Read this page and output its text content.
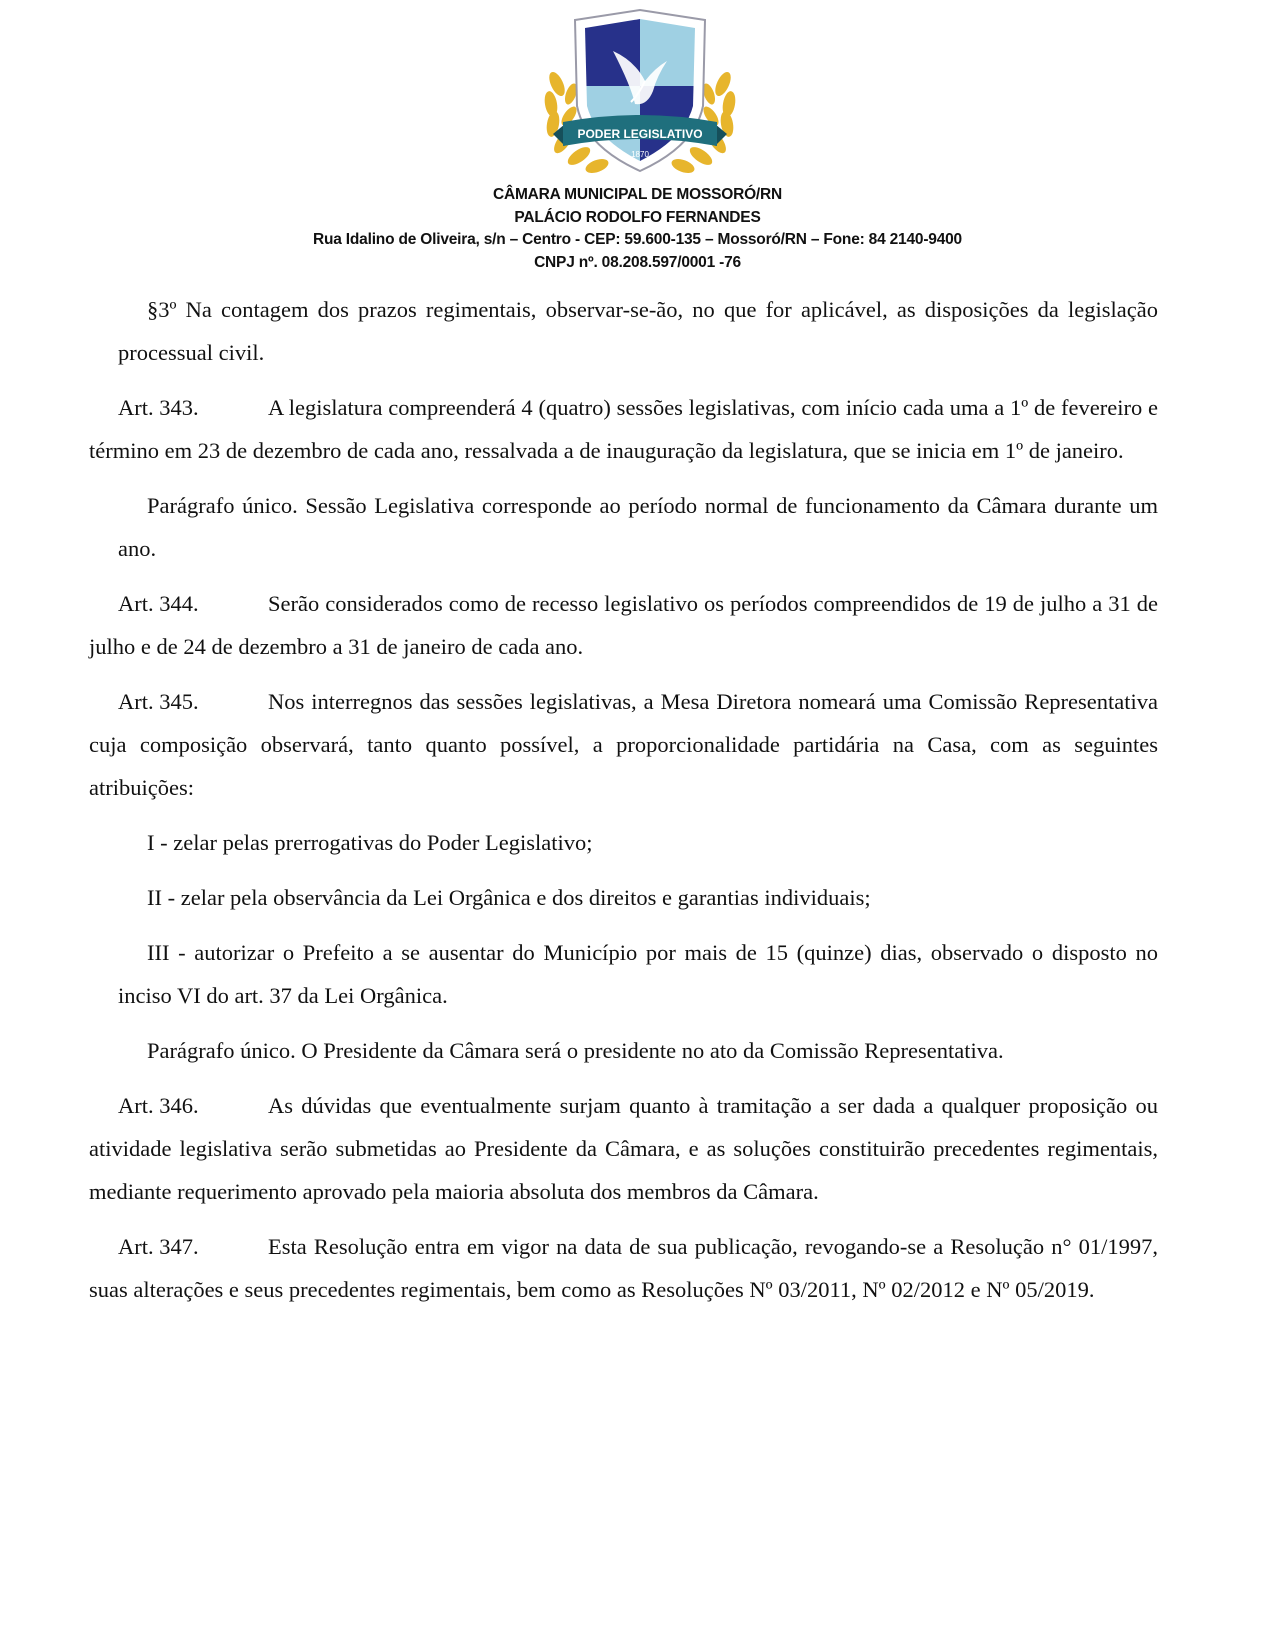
PODER LEGISLATIVO
1870
CÂMARA MUNICIPAL DE MOSSORÓ/RN
PALÁCIO RODOLFO FERNANDES
Rua Idalino de Oliveira, s/n – Centro - CEP: 59.600-135 – Mossoró/RN – Fone: 84 2140-9400
CNPJ nº. 08.208.597/0001 -76

§3º Na contagem dos prazos regimentais, observar-se-ão, no que for aplicável, as disposições da legislação processual civil.

Art. 343.	A legislatura compreenderá 4 (quatro) sessões legislativas, com início cada uma a 1º de fevereiro e término em 23 de dezembro de cada ano, ressalvada a de inauguração da legislatura, que se inicia em 1º de janeiro.

Parágrafo único. Sessão Legislativa corresponde ao período normal de funcionamento da Câmara durante um ano.

Art. 344.	Serão considerados como de recesso legislativo os períodos compreendidos de 19 de julho a 31 de julho e de 24 de dezembro a 31 de janeiro de cada ano.

Art. 345.	Nos interregnos das sessões legislativas, a Mesa Diretora nomeará uma Comissão Representativa cuja composição observará, tanto quanto possível, a proporcionalidade partidária na Casa, com as seguintes atribuições:

I - zelar pelas prerrogativas do Poder Legislativo;

II - zelar pela observância da Lei Orgânica e dos direitos e garantias individuais;

III - autorizar o Prefeito a se ausentar do Município por mais de 15 (quinze) dias, observado o disposto no inciso VI do art. 37 da Lei Orgânica.

Parágrafo único. O Presidente da Câmara será o presidente no ato da Comissão Representativa.

Art. 346.	As dúvidas que eventualmente surjam quanto à tramitação a ser dada a qualquer proposição ou atividade legislativa serão submetidas ao Presidente da Câmara, e as soluções constituirão precedentes regimentais, mediante requerimento aprovado pela maioria absoluta dos membros da Câmara.

Art. 347.	Esta Resolução entra em vigor na data de sua publicação, revogando-se a Resolução n° 01/1997, suas alterações e seus precedentes regimentais, bem como as Resoluções Nº 03/2011, Nº 02/2012 e Nº 05/2019.
